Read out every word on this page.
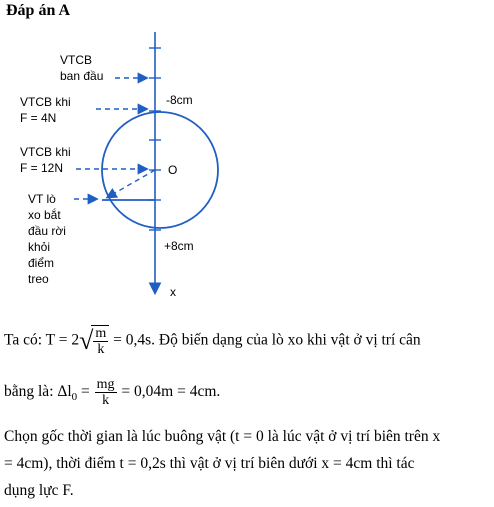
Đáp án A
VTCB
ban đầu
VTCB khi
F = 4N
VTCB khi
F = 12N
VT lò
xo bắt
đầu rời
khỏi
điểm
treo
-8cm
O
+8cm
x
Ta có: $T = 2√ \frac{m}{k} = 0,4s$. Độ biến dạng của lò xo khi vật ở vị trí cân
bằng là: $\Delta l_0 = \frac{mg}{k} = 0,04m = 4cm$.
Chọn gốc thời gian là lúc buông vật (t = 0 là lúc vật ở vị trí biên trên x
= 4cm), thời điểm t = 0,2s thì vật ở vị trí biên dưới x = 4cm thì tác
dụng lực F.
